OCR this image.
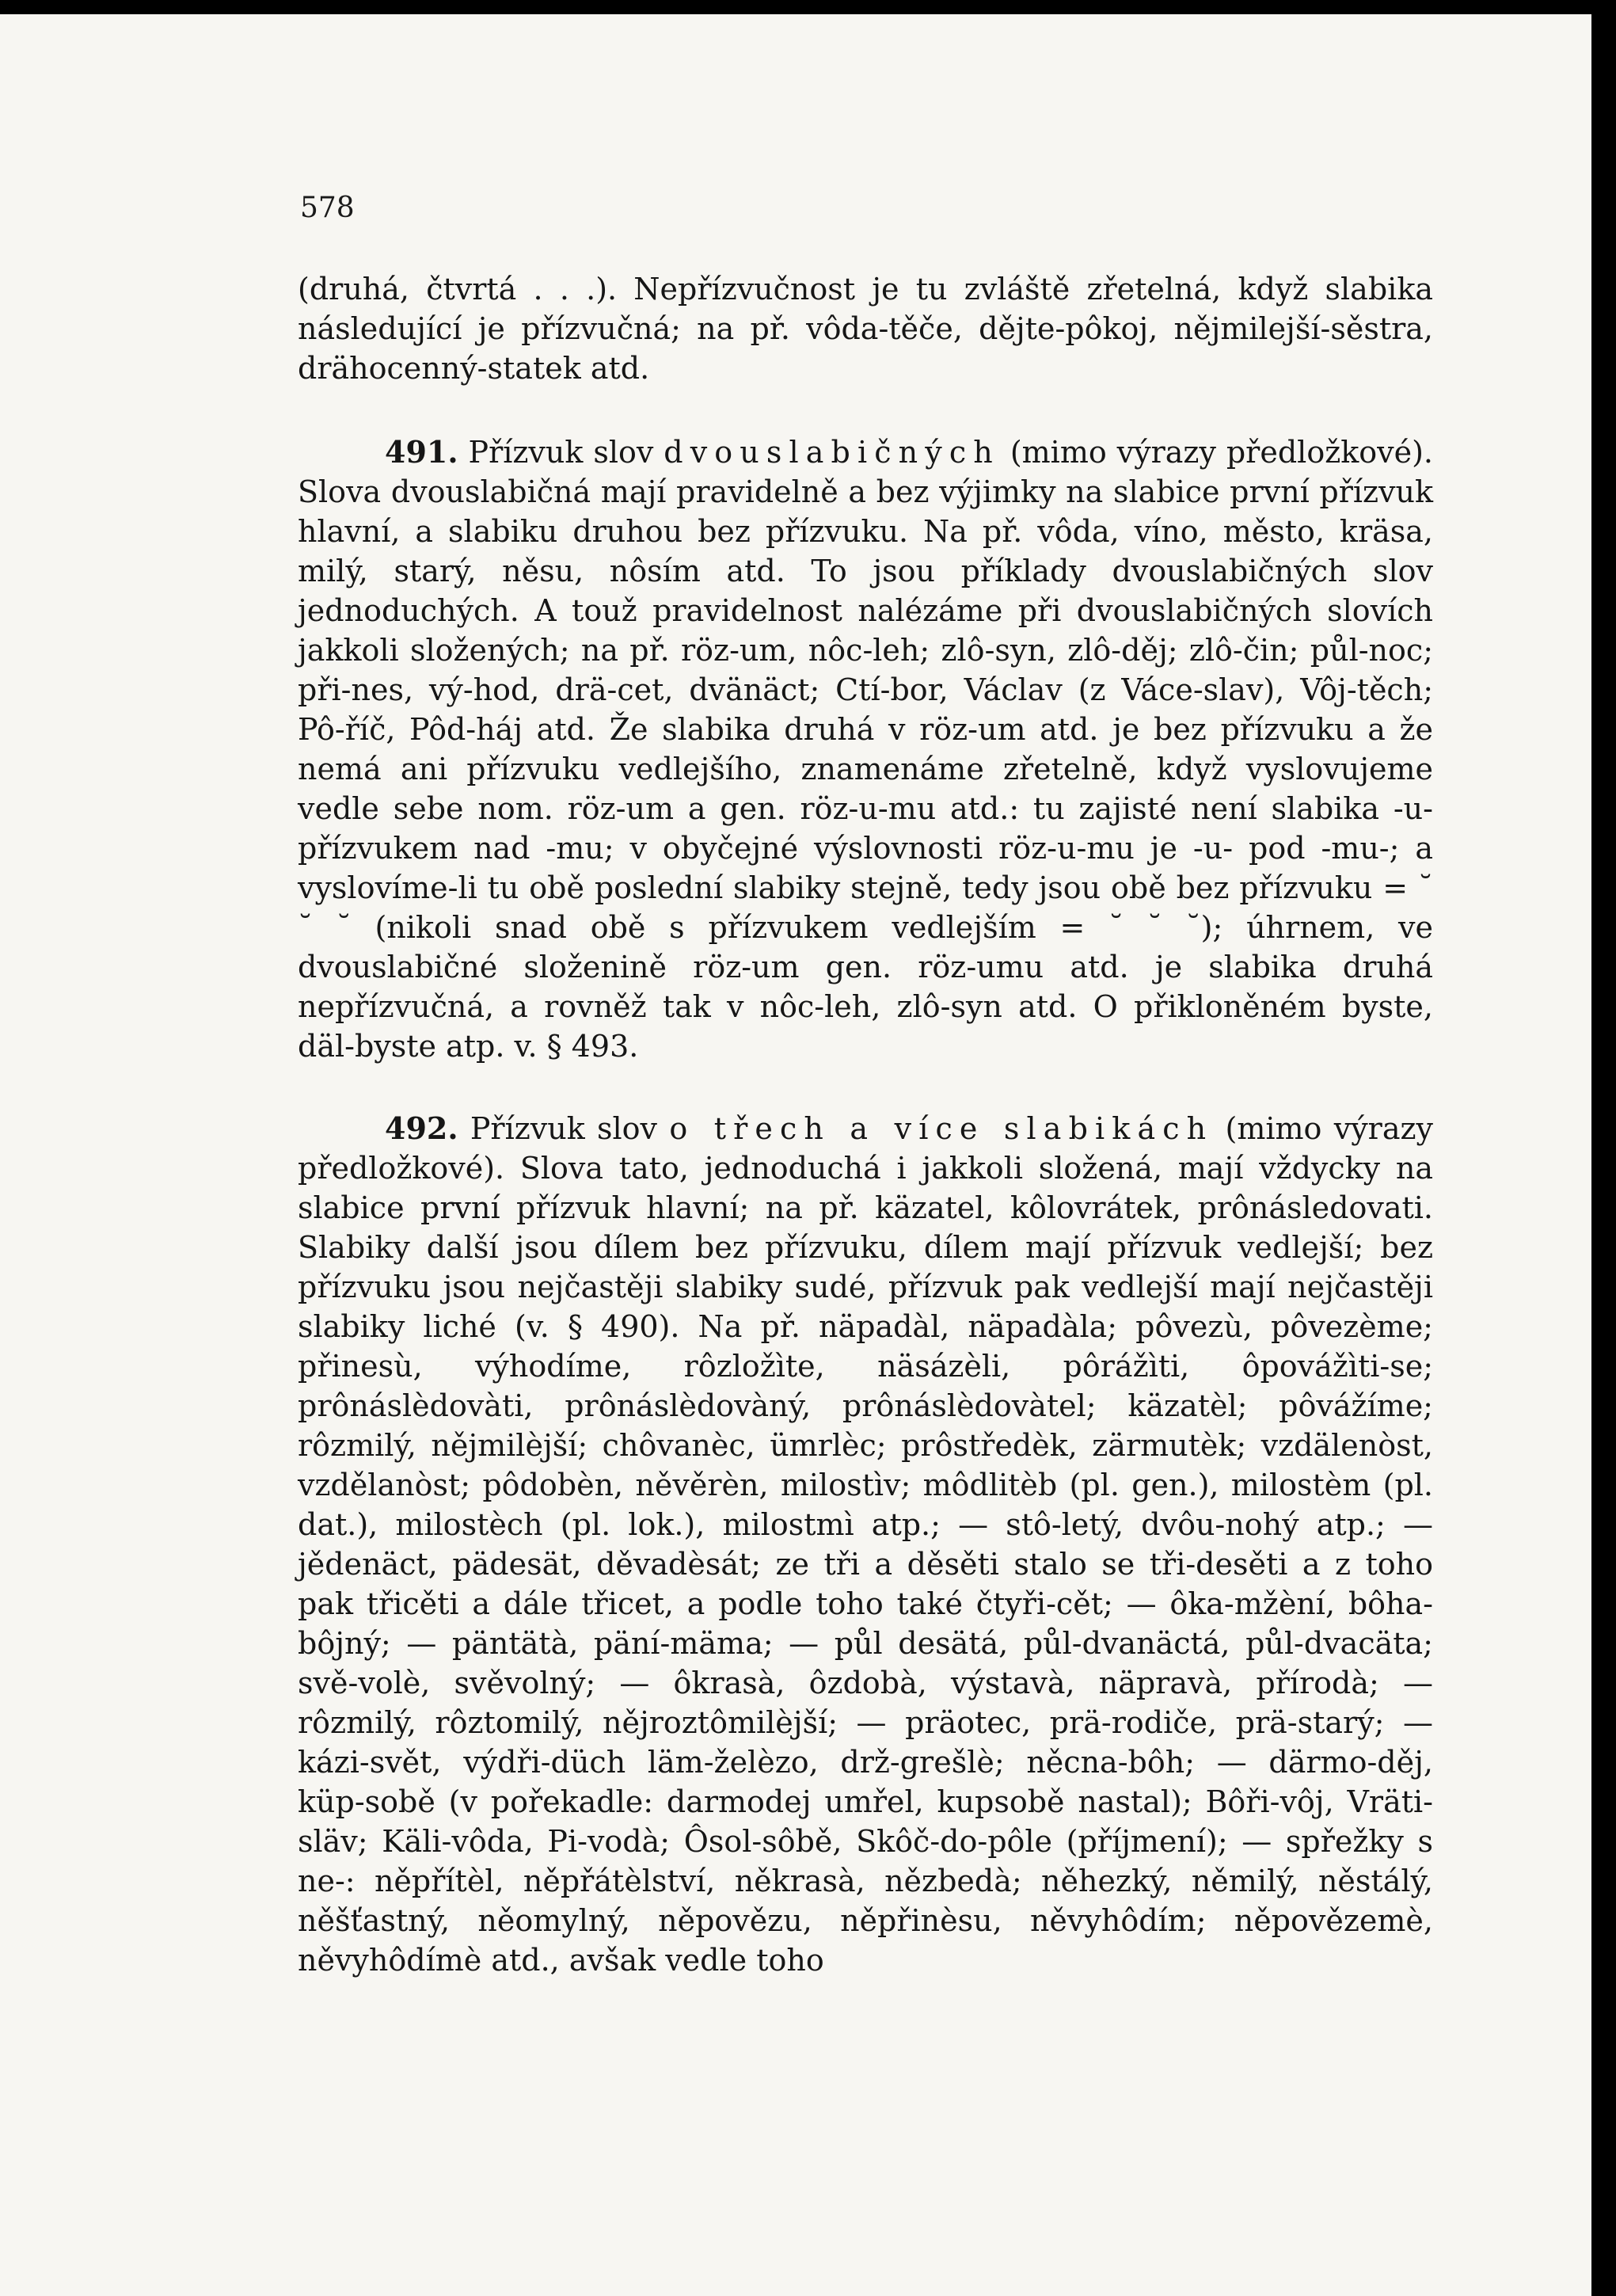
578

(druhá, čtvrtá . . .). Nepřízvučnost je tu zvláště zřetelná, když slabika následující je přízvučná; na př. vôda-těče, dějte-pôkoj, nějmilejší-sěstra, drähocenný-statek atd.

491. Přízvuk slov dvouslabičných (mimo výrazy předložkové). Slova dvouslabičná mají pravidelně a bez výjimky na slabice první přízvuk hlavní, a slabiku druhou bez přízvuku. Na př. vôda, víno, město, kräsa, milý, starý, něsu, nôsím atd. To jsou příklady dvouslabičných slov jednoduchých. A touž pravidelnost nalézáme při dvouslabičných slovích jakkoli složených; na př. röz-um, nôc-leh; zlô-syn, zlô-děj; zlô-čin; půl-noc; při-nes, vý-hod, drä-cet, dvänäct; Ctí-bor, Václav (z Váce-slav), Vôj-těch; Pô-říč, Pôd-háj atd. Že slabika druhá v röz-um atd. je bez přízvuku a že nemá ani přízvuku vedlejšího, znamenáme zřetelně, když vyslovujeme vedle sebe nom. röz-um a gen. röz-u-mu atd.: tu zajisté není slabika -u- přízvukem nad -mu; v obyčejné výslovnosti röz-u-mu je -u- pod -mu-; a vyslovíme-li tu obě poslední slabiky stejně, tedy jsou obě bez přízvuku = ˘ ˘ ˘ (nikoli snad obě s přízvukem vedlejším = ˘ ˘ ˘); úhrnem, ve dvouslabičné složenině röz-um gen. röz-umu atd. je slabika druhá nepřízvučná, a rovněž tak v nôc-leh, zlô-syn atd. O přikloněném byste, däl-byste atp. v. § 493.

492. Přízvuk slov o třech a více slabikách (mimo výrazy předložkové). Slova tato, jednoduchá i jakkoli složená, mají vždycky na slabice první přízvuk hlavní; na př. käzatel, kôlovrátek, prônásledovati. Slabiky další jsou dílem bez přízvuku, dílem mají přízvuk vedlejší; bez přízvuku jsou nejčastěji slabiky sudé, přízvuk pak vedlejší mají nejčastěji slabiky liché (v. § 490). Na př. näpadàl, näpadàla; pôvezù, pôvezème; přinesù, výhodíme, rôzložìte, näsázèli, pôrážìti, ôpovážìti-se; prônáslèdovàti, prônáslèdovàný, prônáslèdovàtel; käzatèl; pôvážíme; rôzmilý, nějmilèjší; chôvanèc, ümrlèc; prôstředèk, zärmutèk; vzdälenòst, vzdělanòst; pôdobèn, něvěrèn, milostìv; môdlitèb (pl. gen.), milostèm (pl. dat.), milostèch (pl. lok.), milostmì atp.; — stô-letý, dvôu-nohý atp.; — jědenäct, pädesät, děvadèsát; ze tři a děsěti stalo se tři-desěti a z toho pak třicěti a dále třicet, a podle toho také čtyři-cět; — ôka-mžèní, bôha-bôjný; — päntätà, päní-mäma; — půl desätá, půl-dvanäctá, půl-dvacäta; svě-volè, svěvolný; — ôkrasà, ôzdobà, výstavà, näpravà, přírodà; — rôzmilý, rôztomilý, nějroztômilèjší; — präotec, prä-rodiče, prä-starý; — kázi-svět, výdři-düch läm-želèzo, drž-grešlè; něcna-bôh; — därmo-děj, küp-sobě (v pořekadle: darmodej umřel, kupsobě nastal); Bôři-vôj, Vräti-släv; Käli-vôda, Pi-vodà; Ôsol-sôbě, Skôč-do-pôle (příjmení); — spřežky s ne-: něpřítèl, něpřátèlství, někrasà, nězbedà; něhezký, němilý, něstálý, něšťastný, něomylný, něpovězu, něpřinèsu, něvyhôdím; něpovězemè, něvyhôdímè atd., avšak vedle toho
